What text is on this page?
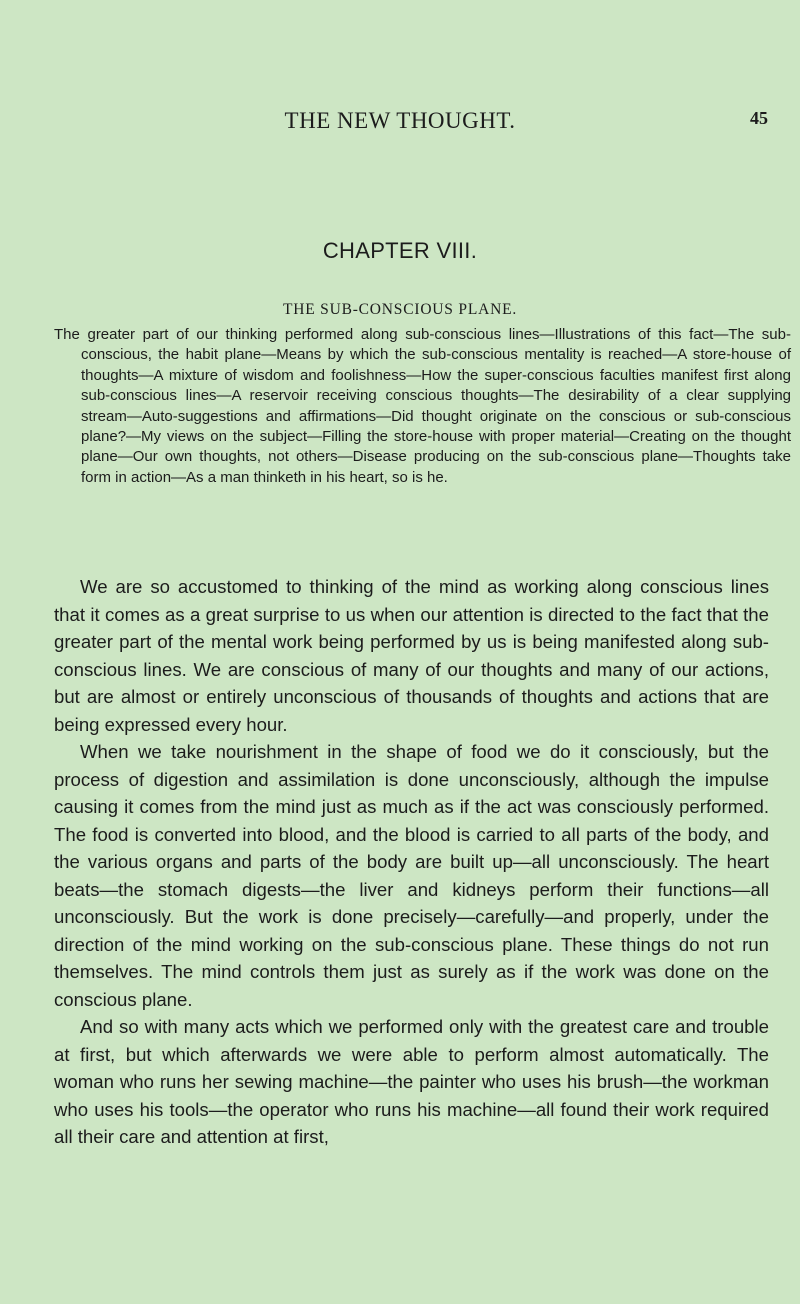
THE NEW THOUGHT.	45
CHAPTER VIII.
THE SUB-CONSCIOUS PLANE.

The greater part of our thinking performed along sub-conscious lines—Illustrations of this fact—The sub-conscious, the habit plane—Means by which the sub-conscious mentality is reached—A store-house of thoughts—A mixture of wisdom and foolishness—How the super-conscious faculties manifest first along sub-conscious lines—A reservoir receiving conscious thoughts—The desirability of a clear supplying stream—Auto-suggestions and affirmations—Did thought originate on the conscious or sub-conscious plane?—My views on the subject—Filling the store-house with proper material—Creating on the thought plane—Our own thoughts, not others—Disease producing on the sub-conscious plane—Thoughts take form in action—As a man thinketh in his heart, so is he.

We are so accustomed to thinking of the mind as working along conscious lines that it comes as a great surprise to us when our attention is directed to the fact that the greater part of the mental work being performed by us is being manifested along sub-conscious lines. We are conscious of many of our thoughts and many of our actions, but are almost or entirely unconscious of thousands of thoughts and actions that are being expressed every hour.

When we take nourishment in the shape of food we do it consciously, but the process of digestion and assimilation is done unconsciously, although the impulse causing it comes from the mind just as much as if the act was consciously performed. The food is converted into blood, and the blood is carried to all parts of the body, and the various organs and parts of the body are built up—all unconsciously. The heart beats—the stomach digests—the liver and kidneys perform their functions—all unconsciously. But the work is done precisely—carefully—and properly, under the direction of the mind working on the sub-conscious plane. These things do not run themselves. The mind controls them just as surely as if the work was done on the conscious plane.

And so with many acts which we performed only with the greatest care and trouble at first, but which afterwards we were able to perform almost automatically. The woman who runs her sewing machine—the painter who uses his brush—the workman who uses his tools—the operator who runs his machine—all found their work required all their care and attention at first,
